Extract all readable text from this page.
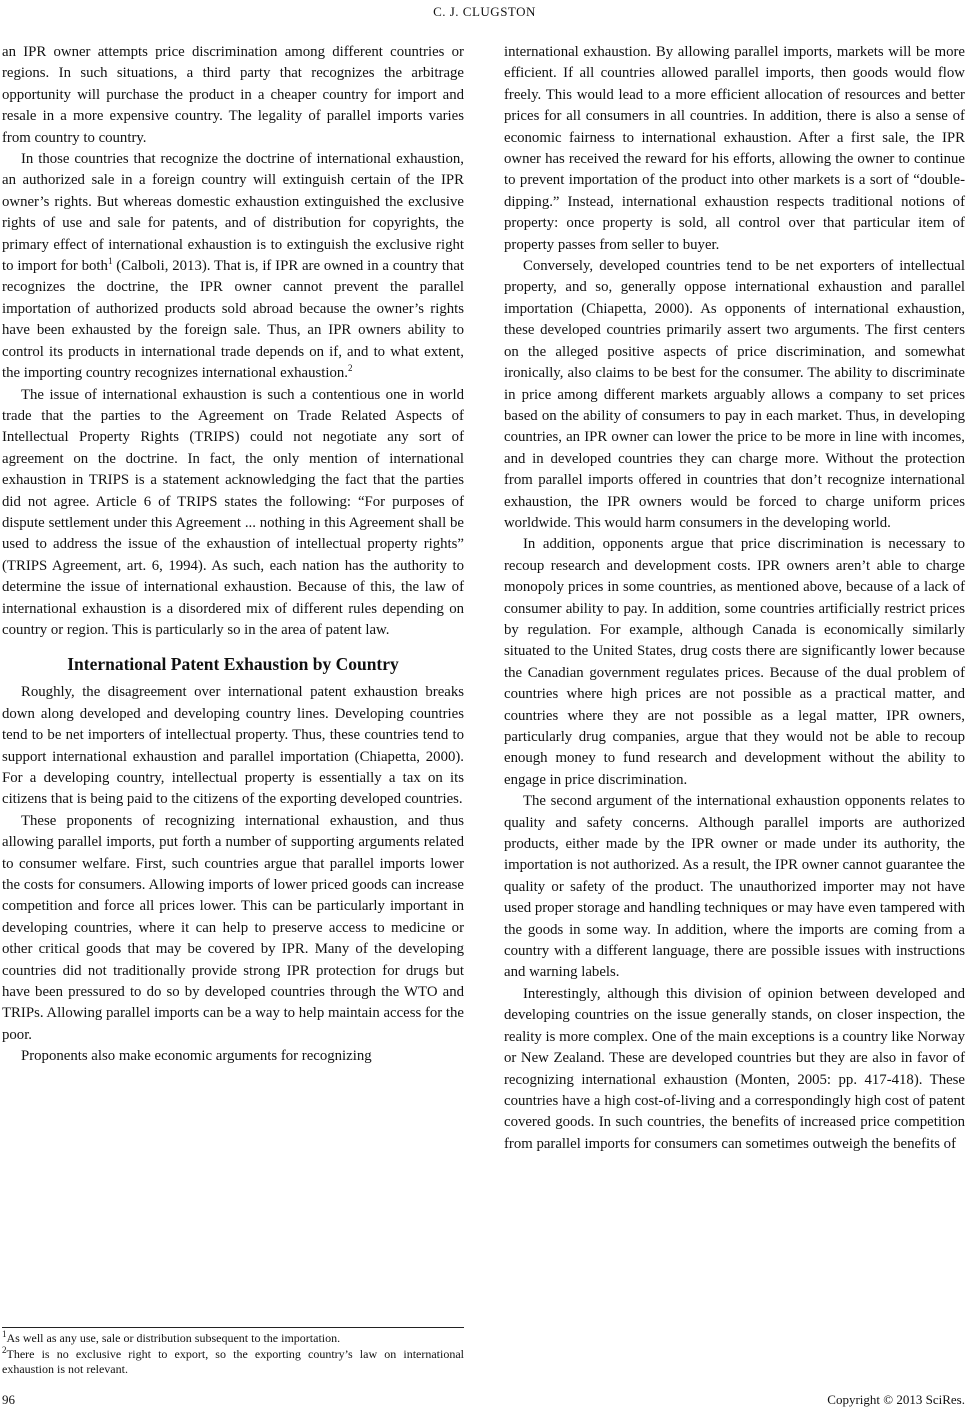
C. J. CLUGSTON

an IPR owner attempts price discrimination among different countries or regions. In such situations, a third party that recognizes the arbitrage opportunity will purchase the product in a cheaper country for import and resale in a more expensive country. The legality of parallel imports varies from country to country.

In those countries that recognize the doctrine of international exhaustion, an authorized sale in a foreign country will extinguish certain of the IPR owner’s rights. But whereas domestic exhaustion extinguished the exclusive rights of use and sale for patents, and of distribution for copyrights, the primary effect of international exhaustion is to extinguish the exclusive right to import for both$^1$ (Calboli, 2013). That is, if IPR are owned in a country that recognizes the doctrine, the IPR owner cannot prevent the parallel importation of authorized products sold abroad because the owner’s rights have been exhausted by the foreign sale. Thus, an IPR owners ability to control its products in international trade depends on if, and to what extent, the importing country recognizes international exhaustion.$^2$

The issue of international exhaustion is such a contentious one in world trade that the parties to the Agreement on Trade Related Aspects of Intellectual Property Rights (TRIPS) could not negotiate any sort of agreement on the doctrine. In fact, the only mention of international exhaustion in TRIPS is a statement acknowledging the fact that the parties did not agree. Article 6 of TRIPS states the following: “For purposes of dispute settlement under this Agreement ... nothing in this Agreement shall be used to address the issue of the exhaustion of intellectual property rights” (TRIPS Agreement, art. 6, 1994). As such, each nation has the authority to determine the issue of international exhaustion. Because of this, the law of international exhaustion is a disordered mix of different rules depending on country or region. This is particularly so in the area of patent law.

International Patent Exhaustion by Country

Roughly, the disagreement over international patent exhaustion breaks down along developed and developing country lines. Developing countries tend to be net importers of intellectual property. Thus, these countries tend to support international exhaustion and parallel importation (Chiapetta, 2000). For a developing country, intellectual property is essentially a tax on its citizens that is being paid to the citizens of the exporting developed countries.

These proponents of recognizing international exhaustion, and thus allowing parallel imports, put forth a number of supporting arguments related to consumer welfare. First, such countries argue that parallel imports lower the costs for consumers. Allowing imports of lower priced goods can increase competition and force all prices lower. This can be particularly important in developing countries, where it can help to preserve access to medicine or other critical goods that may be covered by IPR. Many of the developing countries did not traditionally provide strong IPR protection for drugs but have been pressured to do so by developed countries through the WTO and TRIPs. Allowing parallel imports can be a way to help maintain access for the poor.

Proponents also make economic arguments for recognizing

international exhaustion. By allowing parallel imports, markets will be more efficient. If all countries allowed parallel imports, then goods would flow freely. This would lead to a more efficient allocation of resources and better prices for all consumers in all countries. In addition, there is also a sense of economic fairness to international exhaustion. After a first sale, the IPR owner has received the reward for his efforts, allowing the owner to continue to prevent importation of the product into other markets is a sort of “double-dipping.” Instead, international exhaustion respects traditional notions of property: once property is sold, all control over that particular item of property passes from seller to buyer.

Conversely, developed countries tend to be net exporters of intellectual property, and so, generally oppose international exhaustion and parallel importation (Chiapetta, 2000). As opponents of international exhaustion, these developed countries primarily assert two arguments. The first centers on the alleged positive aspects of price discrimination, and somewhat ironically, also claims to be best for the consumer. The ability to discriminate in price among different markets arguably allows a company to set prices based on the ability of consumers to pay in each market. Thus, in developing countries, an IPR owner can lower the price to be more in line with incomes, and in developed countries they can charge more. Without the protection from parallel imports offered in countries that don’t recognize international exhaustion, the IPR owners would be forced to charge uniform prices worldwide. This would harm consumers in the developing world.

In addition, opponents argue that price discrimination is necessary to recoup research and development costs. IPR owners aren’t able to charge monopoly prices in some countries, as mentioned above, because of a lack of consumer ability to pay. In addition, some countries artificially restrict prices by regulation. For example, although Canada is economically similarly situated to the United States, drug costs there are significantly lower because the Canadian government regulates prices. Because of the dual problem of countries where high prices are not possible as a practical matter, and countries where they are not possible as a legal matter, IPR owners, particularly drug companies, argue that they would not be able to recoup enough money to fund research and development without the ability to engage in price discrimination.

The second argument of the international exhaustion opponents relates to quality and safety concerns. Although parallel imports are authorized products, either made by the IPR owner or made under its authority, the importation is not authorized. As a result, the IPR owner cannot guarantee the quality or safety of the product. The unauthorized importer may not have used proper storage and handling techniques or may have even tampered with the goods in some way. In addition, where the imports are coming from a country with a different language, there are possible issues with instructions and warning labels.

Interestingly, although this division of opinion between developed and developing countries on the issue generally stands, on closer inspection, the reality is more complex. One of the main exceptions is a country like Norway or New Zealand. These are developed countries but they are also in favor of recognizing international exhaustion (Monten, 2005: pp. 417-418). These countries have a high cost-of-living and a correspondingly high cost of patent covered goods. In such countries, the benefits of increased price competition from parallel imports for consumers can sometimes outweigh the benefits of

$^1$As well as any use, sale or distribution subsequent to the importation.

$^2$There is no exclusive right to export, so the exporting country’s law on international exhaustion is not relevant.

96	Copyright © 2013 SciRes.
